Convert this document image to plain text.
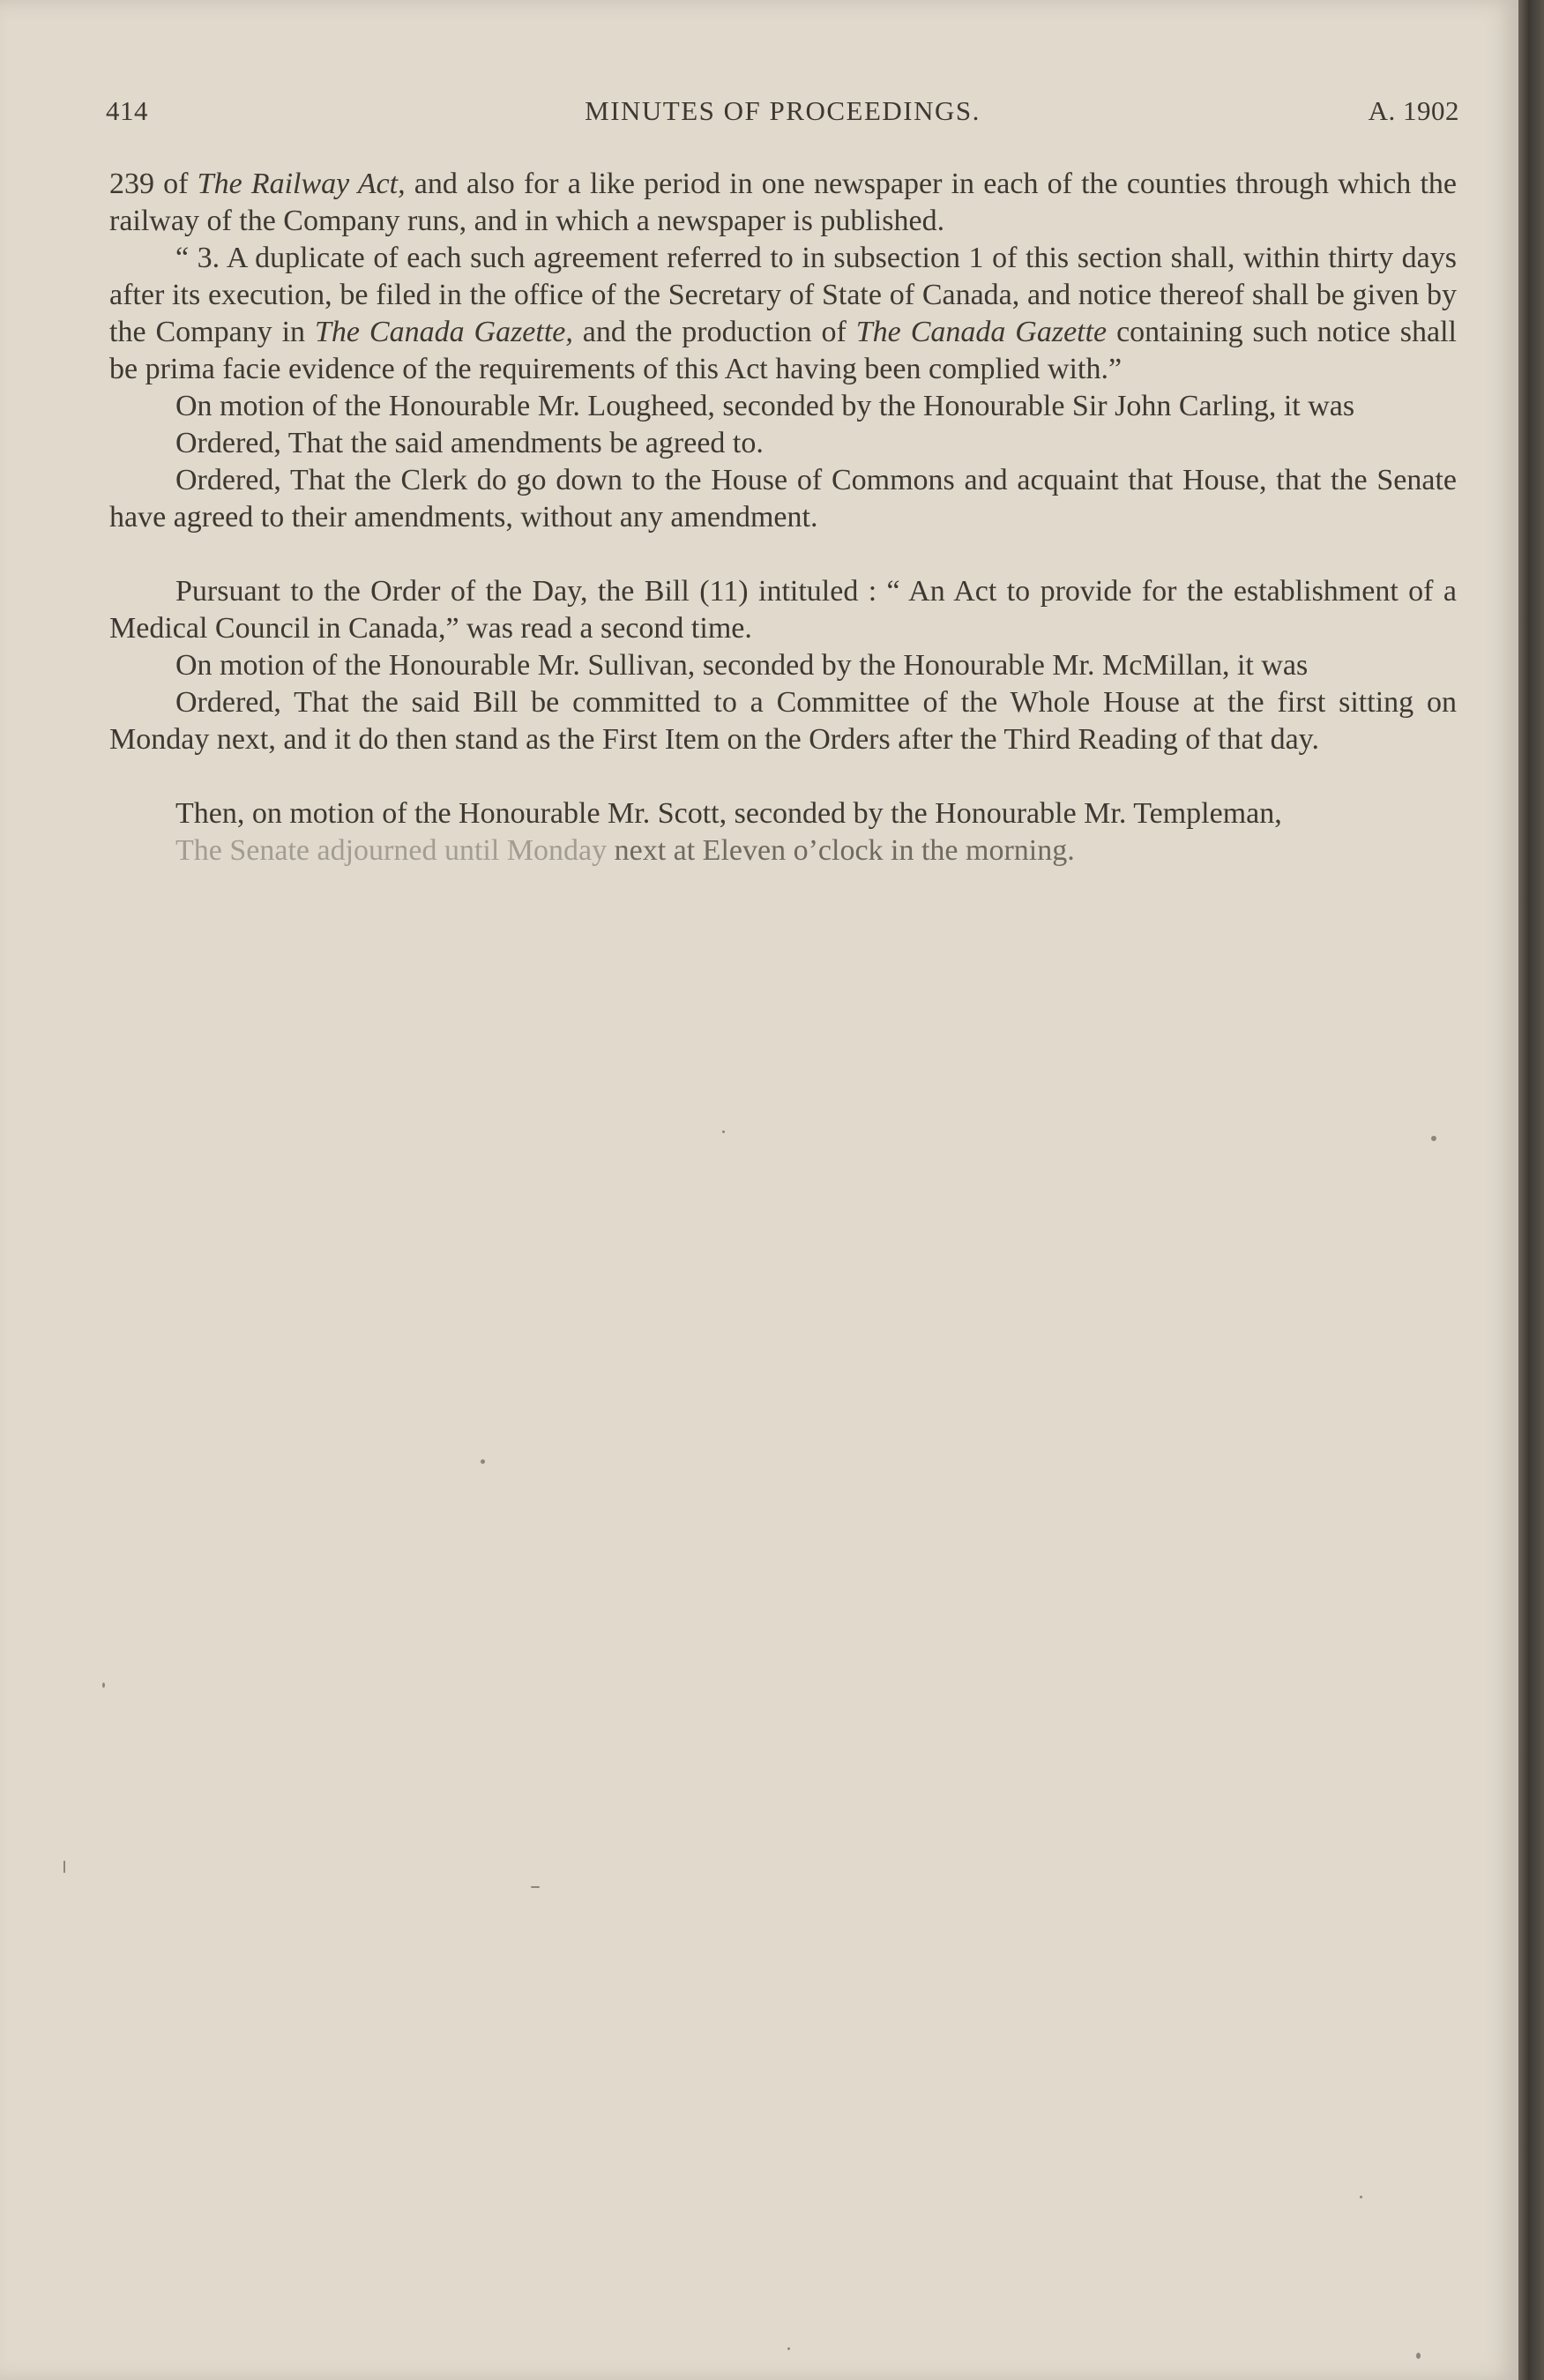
414	MINUTES OF PROCEEDINGS.	A. 1902

239 of The Railway Act, and also for a like period in one newspaper in each of the counties through which the railway of the Company runs, and in which a newspaper is published.

“ 3. A duplicate of each such agreement referred to in subsection 1 of this section shall, within thirty days after its execution, be filed in the office of the Secretary of State of Canada, and notice thereof shall be given by the Company in The Canada Gazette, and the production of The Canada Gazette containing such notice shall be prima facie evidence of the requirements of this Act having been complied with.”

On motion of the Honourable Mr. Lougheed, seconded by the Honourable Sir John Carling, it was

Ordered, That the said amendments be agreed to.

Ordered, That the Clerk do go down to the House of Commons and acquaint that House, that the Senate have agreed to their amendments, without any amendment.

Pursuant to the Order of the Day, the Bill (11) intituled : “ An Act to provide for the establishment of a Medical Council in Canada,” was read a second time.

On motion of the Honourable Mr. Sullivan, seconded by the Honourable Mr. McMillan, it was

Ordered, That the said Bill be committed to a Committee of the Whole House at the first sitting on Monday next, and it do then stand as the First Item on the Orders after the Third Reading of that day.

Then, on motion of the Honourable Mr. Scott, seconded by the Honourable Mr. Templeman,

The Senate adjourned until Monday next at Eleven o’clock in the morning.
